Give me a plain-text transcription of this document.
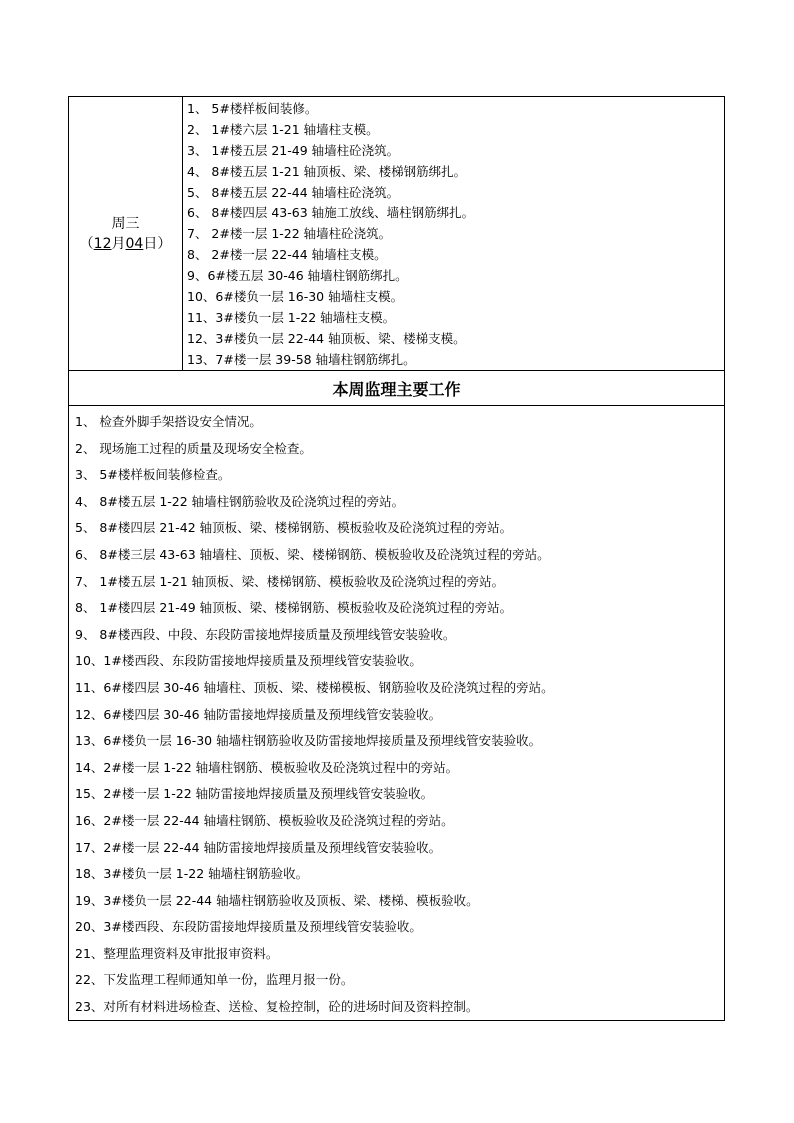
周三
（12月04日）
1、 5#楼样板间装修。
2、 1#楼六层 1-21 轴墙柱支模。
3、 1#楼五层 21-49 轴墙柱砼浇筑。
4、 8#楼五层 1-21 轴顶板、梁、楼梯钢筋绑扎。
5、 8#楼五层 22-44 轴墙柱砼浇筑。
6、 8#楼四层 43-63 轴施工放线、墙柱钢筋绑扎。
7、 2#楼一层 1-22 轴墙柱砼浇筑。
8、 2#楼一层 22-44 轴墙柱支模。
9、6#楼五层 30-46 轴墙柱钢筋绑扎。
10、6#楼负一层 16-30 轴墙柱支模。
11、3#楼负一层 1-22 轴墙柱支模。
12、3#楼负一层 22-44 轴顶板、梁、楼梯支模。
13、7#楼一层 39-58 轴墙柱钢筋绑扎。
本周监理主要工作
1、 检查外脚手架搭设安全情况。
2、 现场施工过程的质量及现场安全检查。
3、 5#楼样板间装修检查。
4、 8#楼五层 1-22 轴墙柱钢筋验收及砼浇筑过程的旁站。
5、 8#楼四层 21-42 轴顶板、梁、楼梯钢筋、模板验收及砼浇筑过程的旁站。
6、 8#楼三层 43-63 轴墙柱、顶板、梁、楼梯钢筋、模板验收及砼浇筑过程的旁站。
7、 1#楼五层 1-21 轴顶板、梁、楼梯钢筋、模板验收及砼浇筑过程的旁站。
8、 1#楼四层 21-49 轴顶板、梁、楼梯钢筋、模板验收及砼浇筑过程的旁站。
9、 8#楼西段、中段、东段防雷接地焊接质量及预埋线管安装验收。
10、1#楼西段、东段防雷接地焊接质量及预埋线管安装验收。
11、6#楼四层 30-46 轴墙柱、顶板、梁、楼梯模板、钢筋验收及砼浇筑过程的旁站。
12、6#楼四层 30-46 轴防雷接地焊接质量及预埋线管安装验收。
13、6#楼负一层 16-30 轴墙柱钢筋验收及防雷接地焊接质量及预埋线管安装验收。
14、2#楼一层 1-22 轴墙柱钢筋、模板验收及砼浇筑过程中的旁站。
15、2#楼一层 1-22 轴防雷接地焊接质量及预埋线管安装验收。
16、2#楼一层 22-44 轴墙柱钢筋、模板验收及砼浇筑过程的旁站。
17、2#楼一层 22-44 轴防雷接地焊接质量及预埋线管安装验收。
18、3#楼负一层 1-22 轴墙柱钢筋验收。
19、3#楼负一层 22-44 轴墙柱钢筋验收及顶板、梁、楼梯、模板验收。
20、3#楼西段、东段防雷接地焊接质量及预埋线管安装验收。
21、整理监理资料及审批报审资料。
22、下发监理工程师通知单一份，监理月报一份。
23、对所有材料进场检查、送检、复检控制，砼的进场时间及资料控制。
